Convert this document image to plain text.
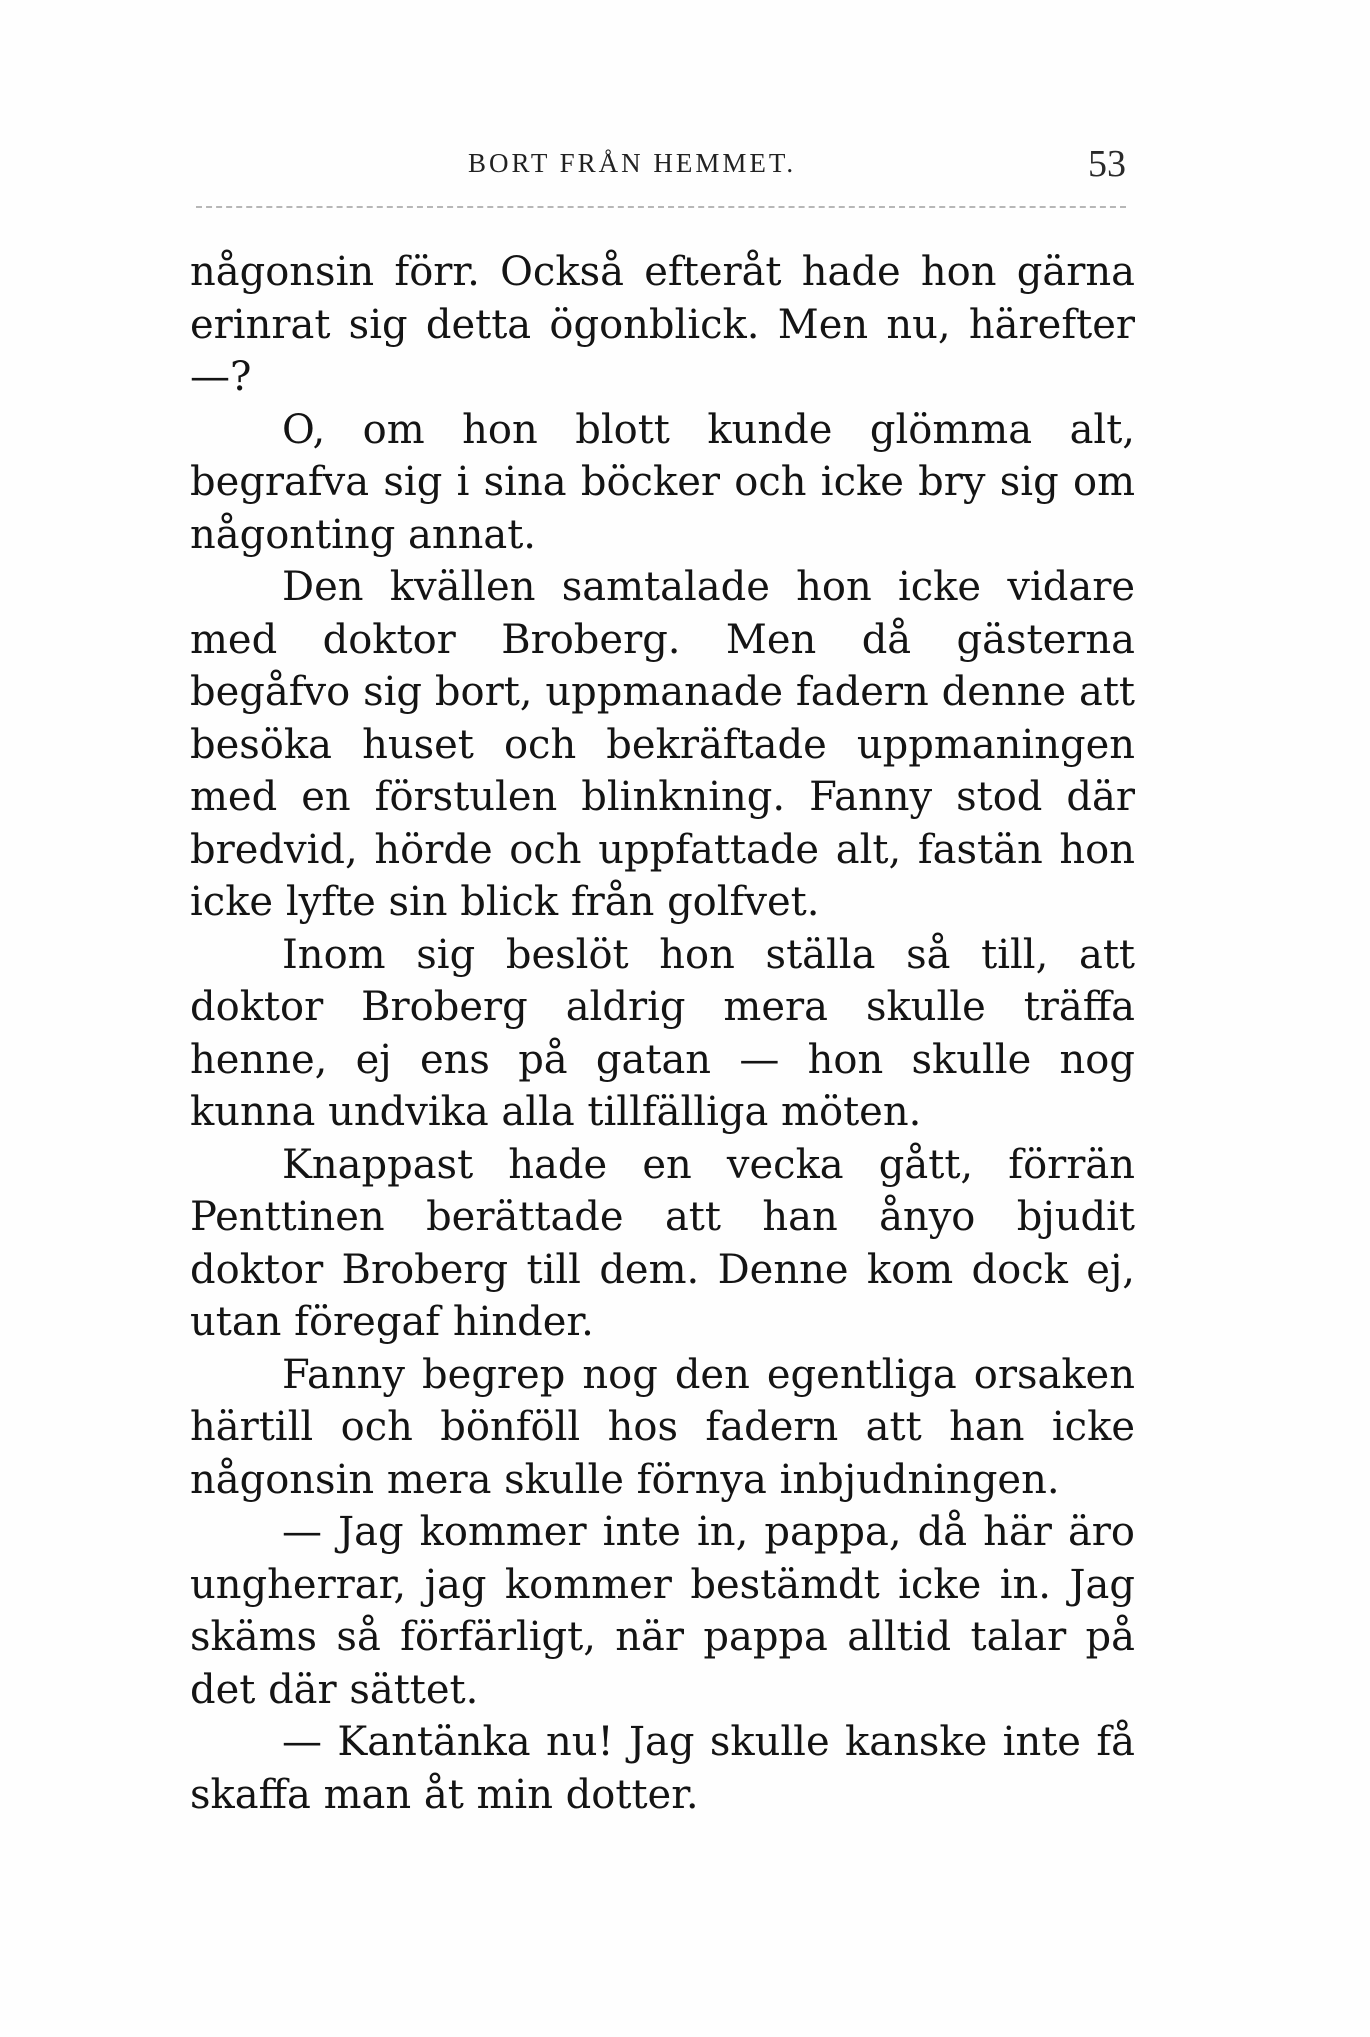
BORT FRÅN HEMMET.	53

någonsin förr. Också efteråt hade hon gärna erinrat sig detta ögonblick. Men nu, härefter —?

O, om hon blott kunde glömma alt, begrafva sig i sina böcker och icke bry sig om någonting annat.

Den kvällen samtalade hon icke vidare med doktor Broberg. Men då gästerna begåfvo sig bort, uppmanade fadern denne att besöka huset och bekräftade uppmaningen med en förstulen blinkning. Fanny stod där bredvid, hörde och uppfattade alt, fastän hon icke lyfte sin blick från golfvet.

Inom sig beslöt hon ställa så till, att doktor Broberg aldrig mera skulle träffa henne, ej ens på gatan — hon skulle nog kunna undvika alla tillfälliga möten.

Knappast hade en vecka gått, förrän Penttinen berättade att han ånyo bjudit doktor Broberg till dem. Denne kom dock ej, utan föregaf hinder.

Fanny begrep nog den egentliga orsaken härtill och bönföll hos fadern att han icke någonsin mera skulle förnya inbjudningen.

— Jag kommer inte in, pappa, då här äro ungherrar, jag kommer bestämdt icke in. Jag skäms så förfärligt, när pappa alltid talar på det där sättet.

— Kantänka nu! Jag skulle kanske inte få skaffa man åt min dotter.
